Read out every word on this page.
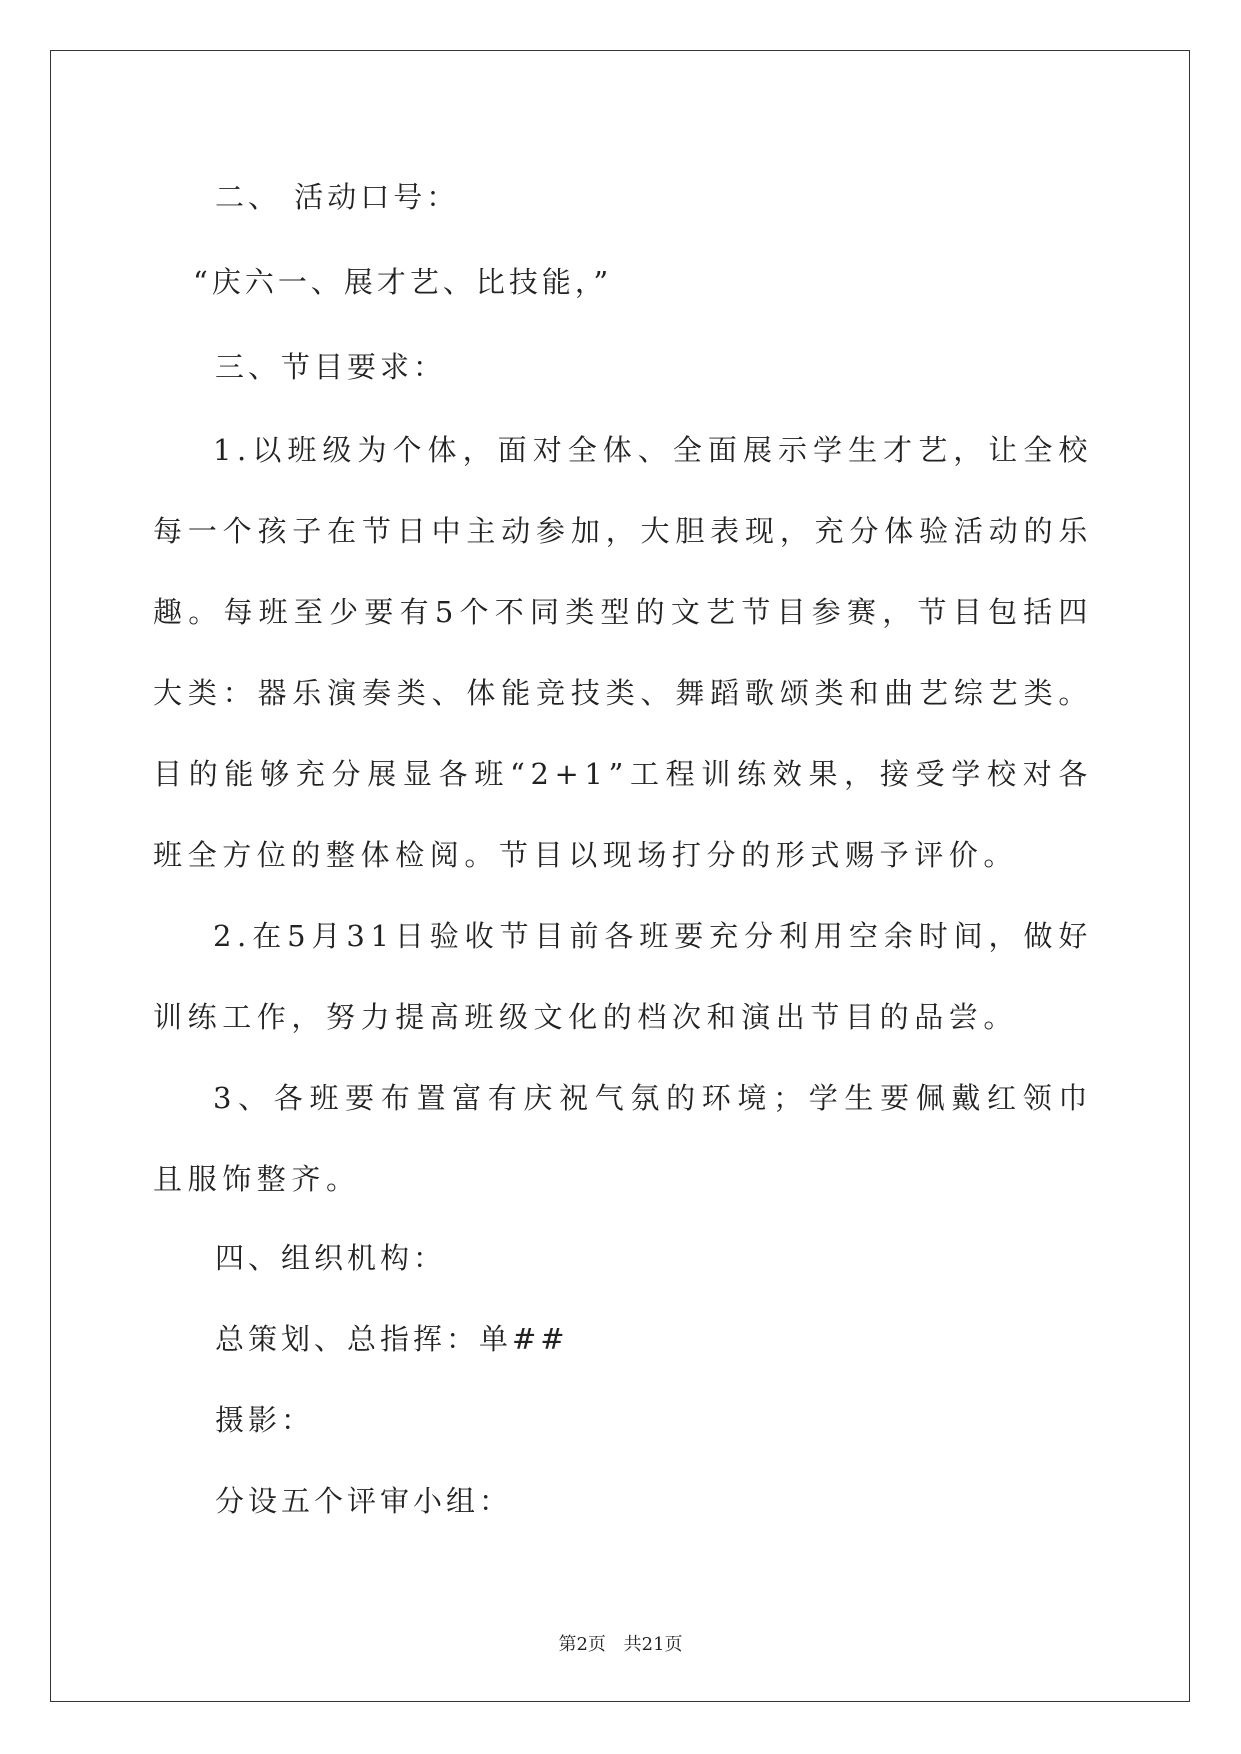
二、 活动口号：

“庆六一、展才艺、比技能，”

三、节目要求：

1.以班级为个体，面对全体、全面展示学生才艺，让全校每一个孩子在节日中主动参加，大胆表现，充分体验活动的乐趣。每班至少要有5个不同类型的文艺节目参赛，节目包括四大类：器乐演奏类、体能竞技类、舞蹈歌颂类和曲艺综艺类。目的能够充分展显各班“2+1”工程训练效果，接受学校对各班全方位的整体检阅。节目以现场打分的形式赐予评价。

2.在5月31日验收节目前各班要充分利用空余时间，做好训练工作，努力提高班级文化的档次和演出节目的品尝。

3、各班要布置富有庆祝气氛的环境；学生要佩戴红领巾且服饰整齐。

四、组织机构：

总策划、总指挥：单##

摄影：

分设五个评审小组：

第2页 共21页
